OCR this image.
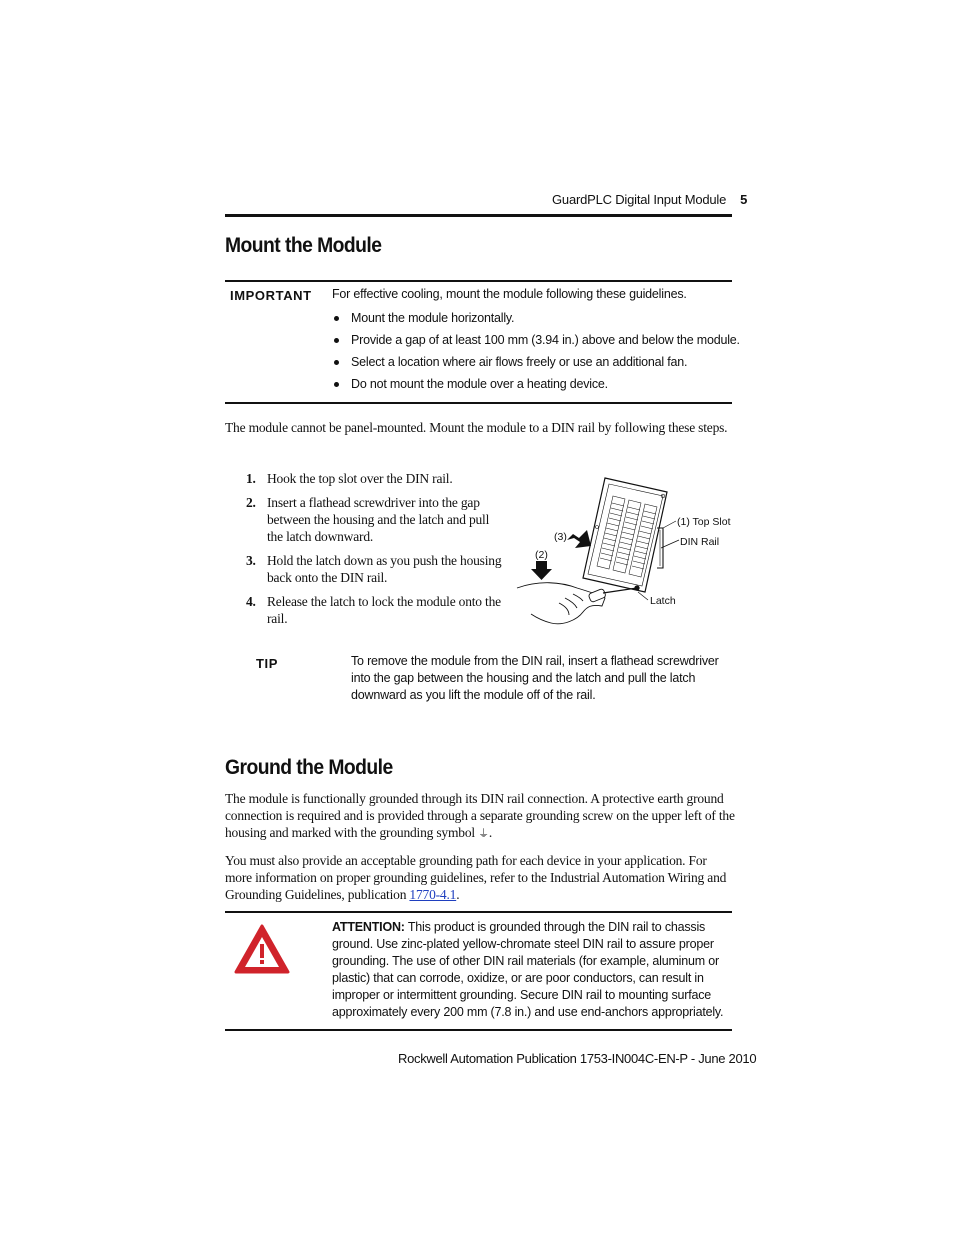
GuardPLC Digital Input Module 5
Mount the Module
IMPORTANT For effective cooling, mount the module following these guidelines.
Mount the module horizontally.
Provide a gap of at least 100 mm (3.94 in.) above and below the module.
Select a location where air flows freely or use an additional fan.
Do not mount the module over a heating device.
The module cannot be panel-mounted. Mount the module to a DIN rail by following these steps.
1. Hook the top slot over the DIN rail.
2. Insert a flathead screwdriver into the gap between the housing and the latch and pull the latch downward.
3. Hold the latch down as you push the housing back onto the DIN rail.
4. Release the latch to lock the module onto the rail.
(1) Top Slot
DIN Rail
Latch
(2)
(3)
TIP	To remove the module from the DIN rail, insert a flathead screwdriver into the gap between the housing and the latch and pull the latch downward as you lift the module off of the rail.
Ground the Module
The module is functionally grounded through its DIN rail connection. A protective earth ground connection is required and is provided through a separate grounding screw on the upper left of the housing and marked with the grounding symbol ⏚.
You must also provide an acceptable grounding path for each device in your application. For more information on proper grounding guidelines, refer to the Industrial Automation Wiring and Grounding Guidelines, publication 1770-4.1.
ATTENTION: This product is grounded through the DIN rail to chassis ground. Use zinc-plated yellow-chromate steel DIN rail to assure proper grounding. The use of other DIN rail materials (for example, aluminum or plastic) that can corrode, oxidize, or are poor conductors, can result in improper or intermittent grounding. Secure DIN rail to mounting surface approximately every 200 mm (7.8 in.) and use end-anchors appropriately.
Rockwell Automation Publication 1753-IN004C-EN-P - June 2010
